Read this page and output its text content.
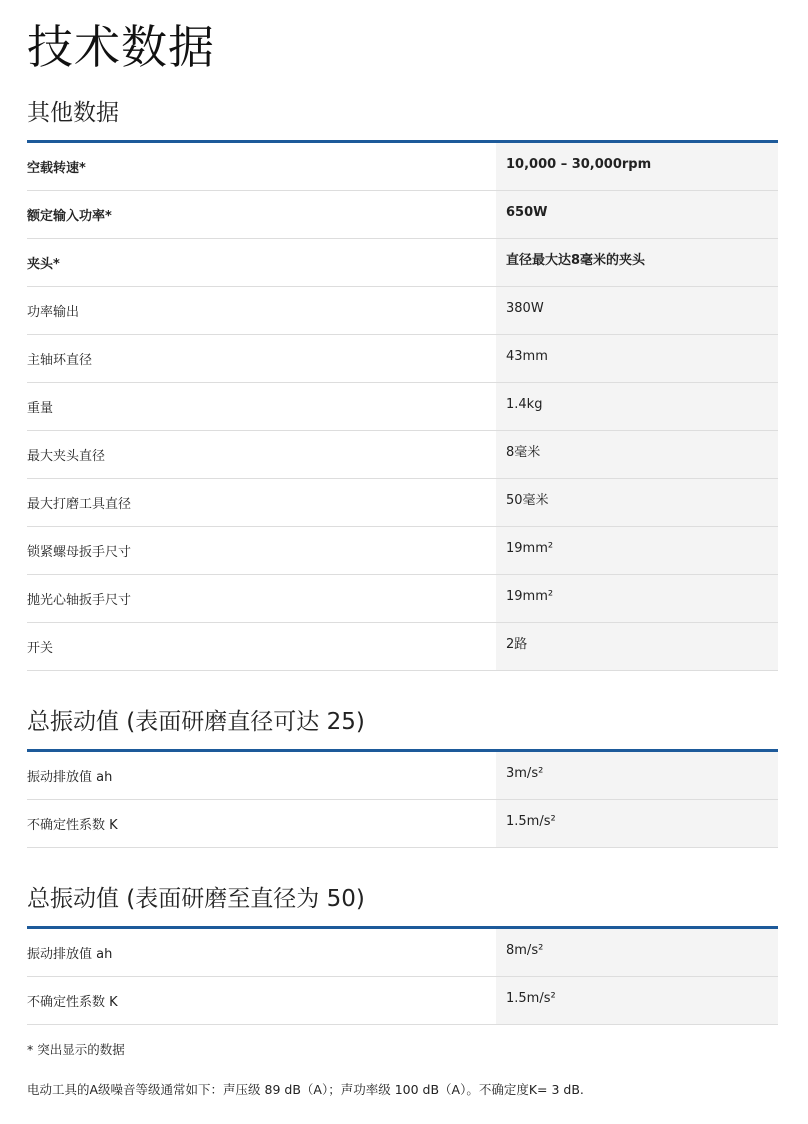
技术数据
其他数据
空载转速*	10,000 – 30,000rpm
额定输入功率*	650W
夹头*	直径最大达8毫米的夹头
功率输出	380W
主轴环直径	43mm
重量	1.4kg
最大夹头直径	8毫米
最大打磨工具直径	50毫米
锁紧螺母扳手尺寸	19mm²
抛光心轴扳手尺寸	19mm²
开关	2路
总振动值 (表面研磨直径可达 25)
振动排放值 ah	3m/s²
不确定性系数 K	1.5m/s²
总振动值 (表面研磨至直径为 50)
振动排放值 ah	8m/s²
不确定性系数 K	1.5m/s²
* 突出显示的数据
电动工具的A级噪音等级通常如下：声压级 89 dB（A）；声功率级 100 dB（A）。不确定度K= 3 dB.
